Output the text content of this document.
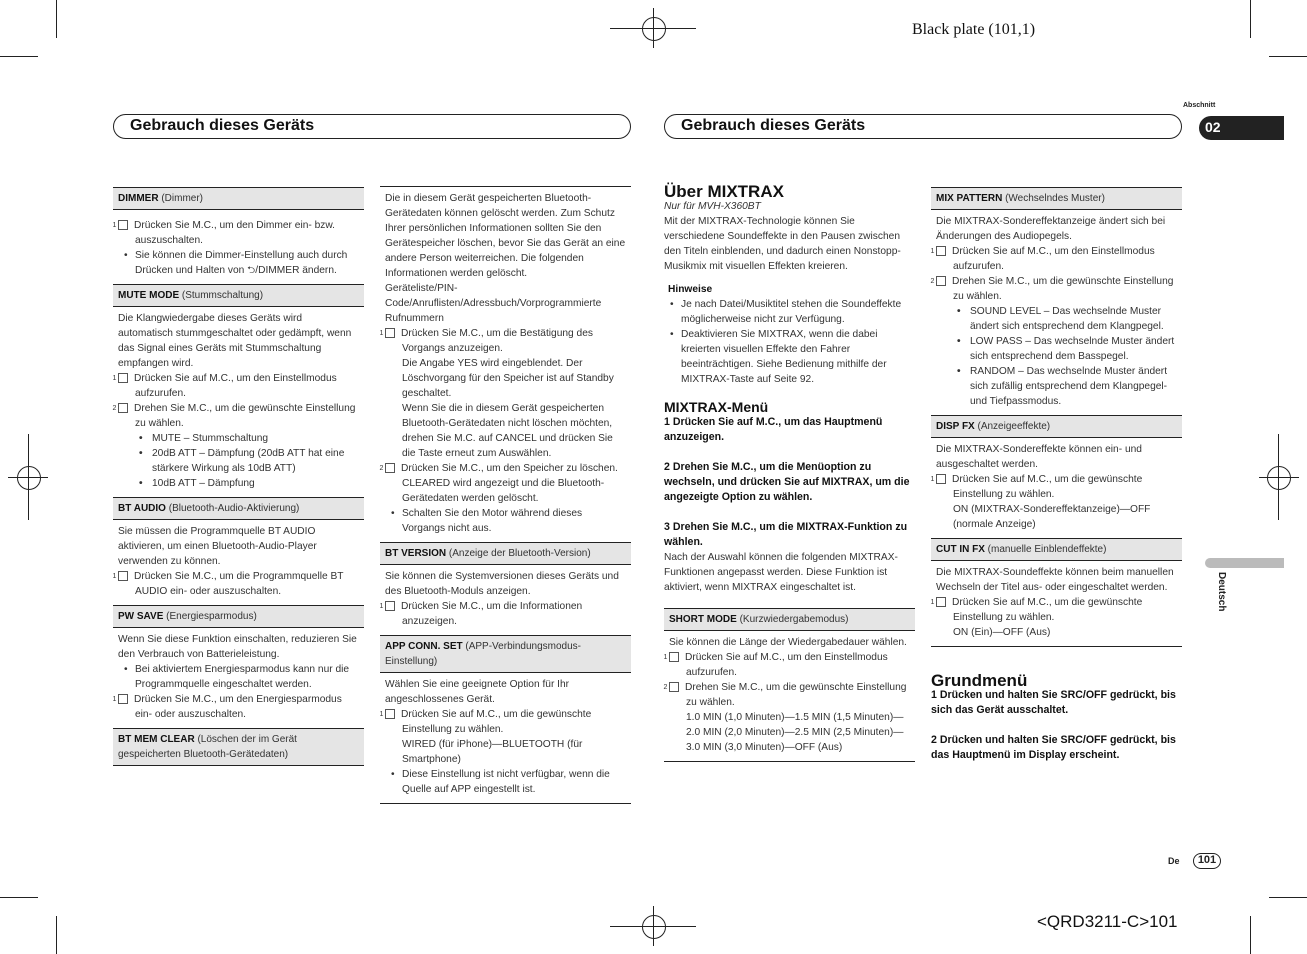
Black plate (101,1)
<QRD3211-C>101
Gebrauch dieses Geräts	Gebrauch dieses Geräts
Abschnitt
02
Deutsch
DIMMER (Dimmer)

1 Drücken Sie M.C., um den Dimmer ein- bzw. auszuschalten.

• Sie können die Dimmer-Einstellung auch durch Drücken und Halten von ⮌/DIMMER ändern.

MUTE MODE (Stummschaltung)

Die Klangwiedergabe dieses Geräts wird automatisch stummgeschaltet oder gedämpft, wenn das Signal eines Geräts mit Stummschaltung empfangen wird.

1 Drücken Sie auf M.C., um den Einstellmodus aufzurufen.

2 Drehen Sie M.C., um die gewünschte Einstellung zu wählen.

• MUTE – Stummschaltung

• 20dB ATT – Dämpfung (20dB ATT hat eine stärkere Wirkung als 10dB ATT)

• 10dB ATT – Dämpfung

BT AUDIO (Bluetooth-Audio-Aktivierung)

Sie müssen die Programmquelle BT AUDIO aktivieren, um einen Bluetooth-Audio-Player verwenden zu können.

1 Drücken Sie M.C., um die Programmquelle BT AUDIO ein- oder auszuschalten.

PW SAVE (Energiesparmodus)

Wenn Sie diese Funktion einschalten, reduzieren Sie den Verbrauch von Batterieleistung.

• Bei aktiviertem Energiesparmodus kann nur die Programmquelle eingeschaltet werden.

1 Drücken Sie M.C., um den Energiesparmodus ein- oder auszuschalten.

BT MEM CLEAR (Löschen der im Gerät gespeicherten Bluetooth-Gerätedaten)

Die in diesem Gerät gespeicherten Bluetooth-Gerätedaten können gelöscht werden. Zum Schutz Ihrer persönlichen Informationen sollten Sie den Gerätespeicher löschen, bevor Sie das Gerät an eine andere Person weiterreichen. Die folgenden Informationen werden gelöscht.

Geräteliste/PIN-Code/Anruflisten/Adressbuch/Vorprogrammierte Rufnummern

1 Drücken Sie M.C., um die Bestätigung des Vorgangs anzuzeigen.

Die Angabe YES wird eingeblendet. Der Löschvorgang für den Speicher ist auf Standby geschaltet.

Wenn Sie die in diesem Gerät gespeicherten Bluetooth-Gerätedaten nicht löschen möchten, drehen Sie M.C. auf CANCEL und drücken Sie die Taste erneut zum Auswählen.

2 Drücken Sie M.C., um den Speicher zu löschen.

CLEARED wird angezeigt und die Bluetooth-Gerätedaten werden gelöscht.

• Schalten Sie den Motor während dieses Vorgangs nicht aus.

BT VERSION (Anzeige der Bluetooth-Version)

Sie können die Systemversionen dieses Geräts und des Bluetooth-Moduls anzeigen.

1 Drücken Sie M.C., um die Informationen anzuzeigen.

APP CONN. SET (APP-Verbindungsmodus-Einstellung)

Wählen Sie eine geeignete Option für Ihr angeschlossenes Gerät.

1 Drücken Sie auf M.C., um die gewünschte Einstellung zu wählen.

WIRED (für iPhone)—BLUETOOTH (für Smartphone)

• Diese Einstellung ist nicht verfügbar, wenn die Quelle auf APP eingestellt ist.

Über MIXTRAX

Nur für MVH-X360BT

Mit der MIXTRAX-Technologie können Sie verschiedene Soundeffekte in den Pausen zwischen den Titeln einblenden, und dadurch einen Nonstopp-Musikmix mit visuellen Effekten kreieren.

Hinweise

• Je nach Datei/Musiktitel stehen die Soundeffekte möglicherweise nicht zur Verfügung.

• Deaktivieren Sie MIXTRAX, wenn die dabei kreierten visuellen Effekte den Fahrer beeinträchtigen. Siehe Bedienung mithilfe der MIXTRAX-Taste auf Seite 92.

MIXTRAX-Menü

1 Drücken Sie auf M.C., um das Hauptmenü anzuzeigen.

2 Drehen Sie M.C., um die Menüoption zu wechseln, und drücken Sie auf MIXTRAX, um die angezeigte Option zu wählen.

3 Drehen Sie M.C., um die MIXTRAX-Funktion zu wählen.

Nach der Auswahl können die folgenden MIXTRAX-Funktionen angepasst werden. Diese Funktion ist aktiviert, wenn MIXTRAX eingeschaltet ist.

SHORT MODE (Kurzwiedergabemodus)

Sie können die Länge der Wiedergabedauer wählen.

1 Drücken Sie auf M.C., um den Einstellmodus aufzurufen.

2 Drehen Sie M.C., um die gewünschte Einstellung zu wählen.

1.0 MIN (1,0 Minuten)—1.5 MIN (1,5 Minuten)—2.0 MIN (2,0 Minuten)—2.5 MIN (2,5 Minuten)—3.0 MIN (3,0 Minuten)—OFF (Aus)

MIX PATTERN (Wechselndes Muster)

Die MIXTRAX-Sondereffektanzeige ändert sich bei Änderungen des Audiopegels.

1 Drücken Sie auf M.C., um den Einstellmodus aufzurufen.

2 Drehen Sie M.C., um die gewünschte Einstellung zu wählen.

• SOUND LEVEL – Das wechselnde Muster ändert sich entsprechend dem Klangpegel.

• LOW PASS – Das wechselnde Muster ändert sich entsprechend dem Basspegel.

• RANDOM – Das wechselnde Muster ändert sich zufällig entsprechend dem Klangpegel- und Tiefpassmodus.

DISP FX (Anzeigeeffekte)

Die MIXTRAX-Sondereffekte können ein- und ausgeschaltet werden.

1 Drücken Sie auf M.C., um die gewünschte Einstellung zu wählen.

ON (MIXTRAX-Sondereffektanzeige)—OFF (normale Anzeige)

CUT IN FX (manuelle Einblendeffekte)

Die MIXTRAX-Soundeffekte können beim manuellen Wechseln der Titel aus- oder eingeschaltet werden.

1 Drücken Sie auf M.C., um die gewünschte Einstellung zu wählen.

ON (Ein)—OFF (Aus)

Grundmenü

1 Drücken und halten Sie SRC/OFF gedrückt, bis sich das Gerät ausschaltet.

2 Drücken und halten Sie SRC/OFF gedrückt, bis das Hauptmenü im Display erscheint.

De	101
